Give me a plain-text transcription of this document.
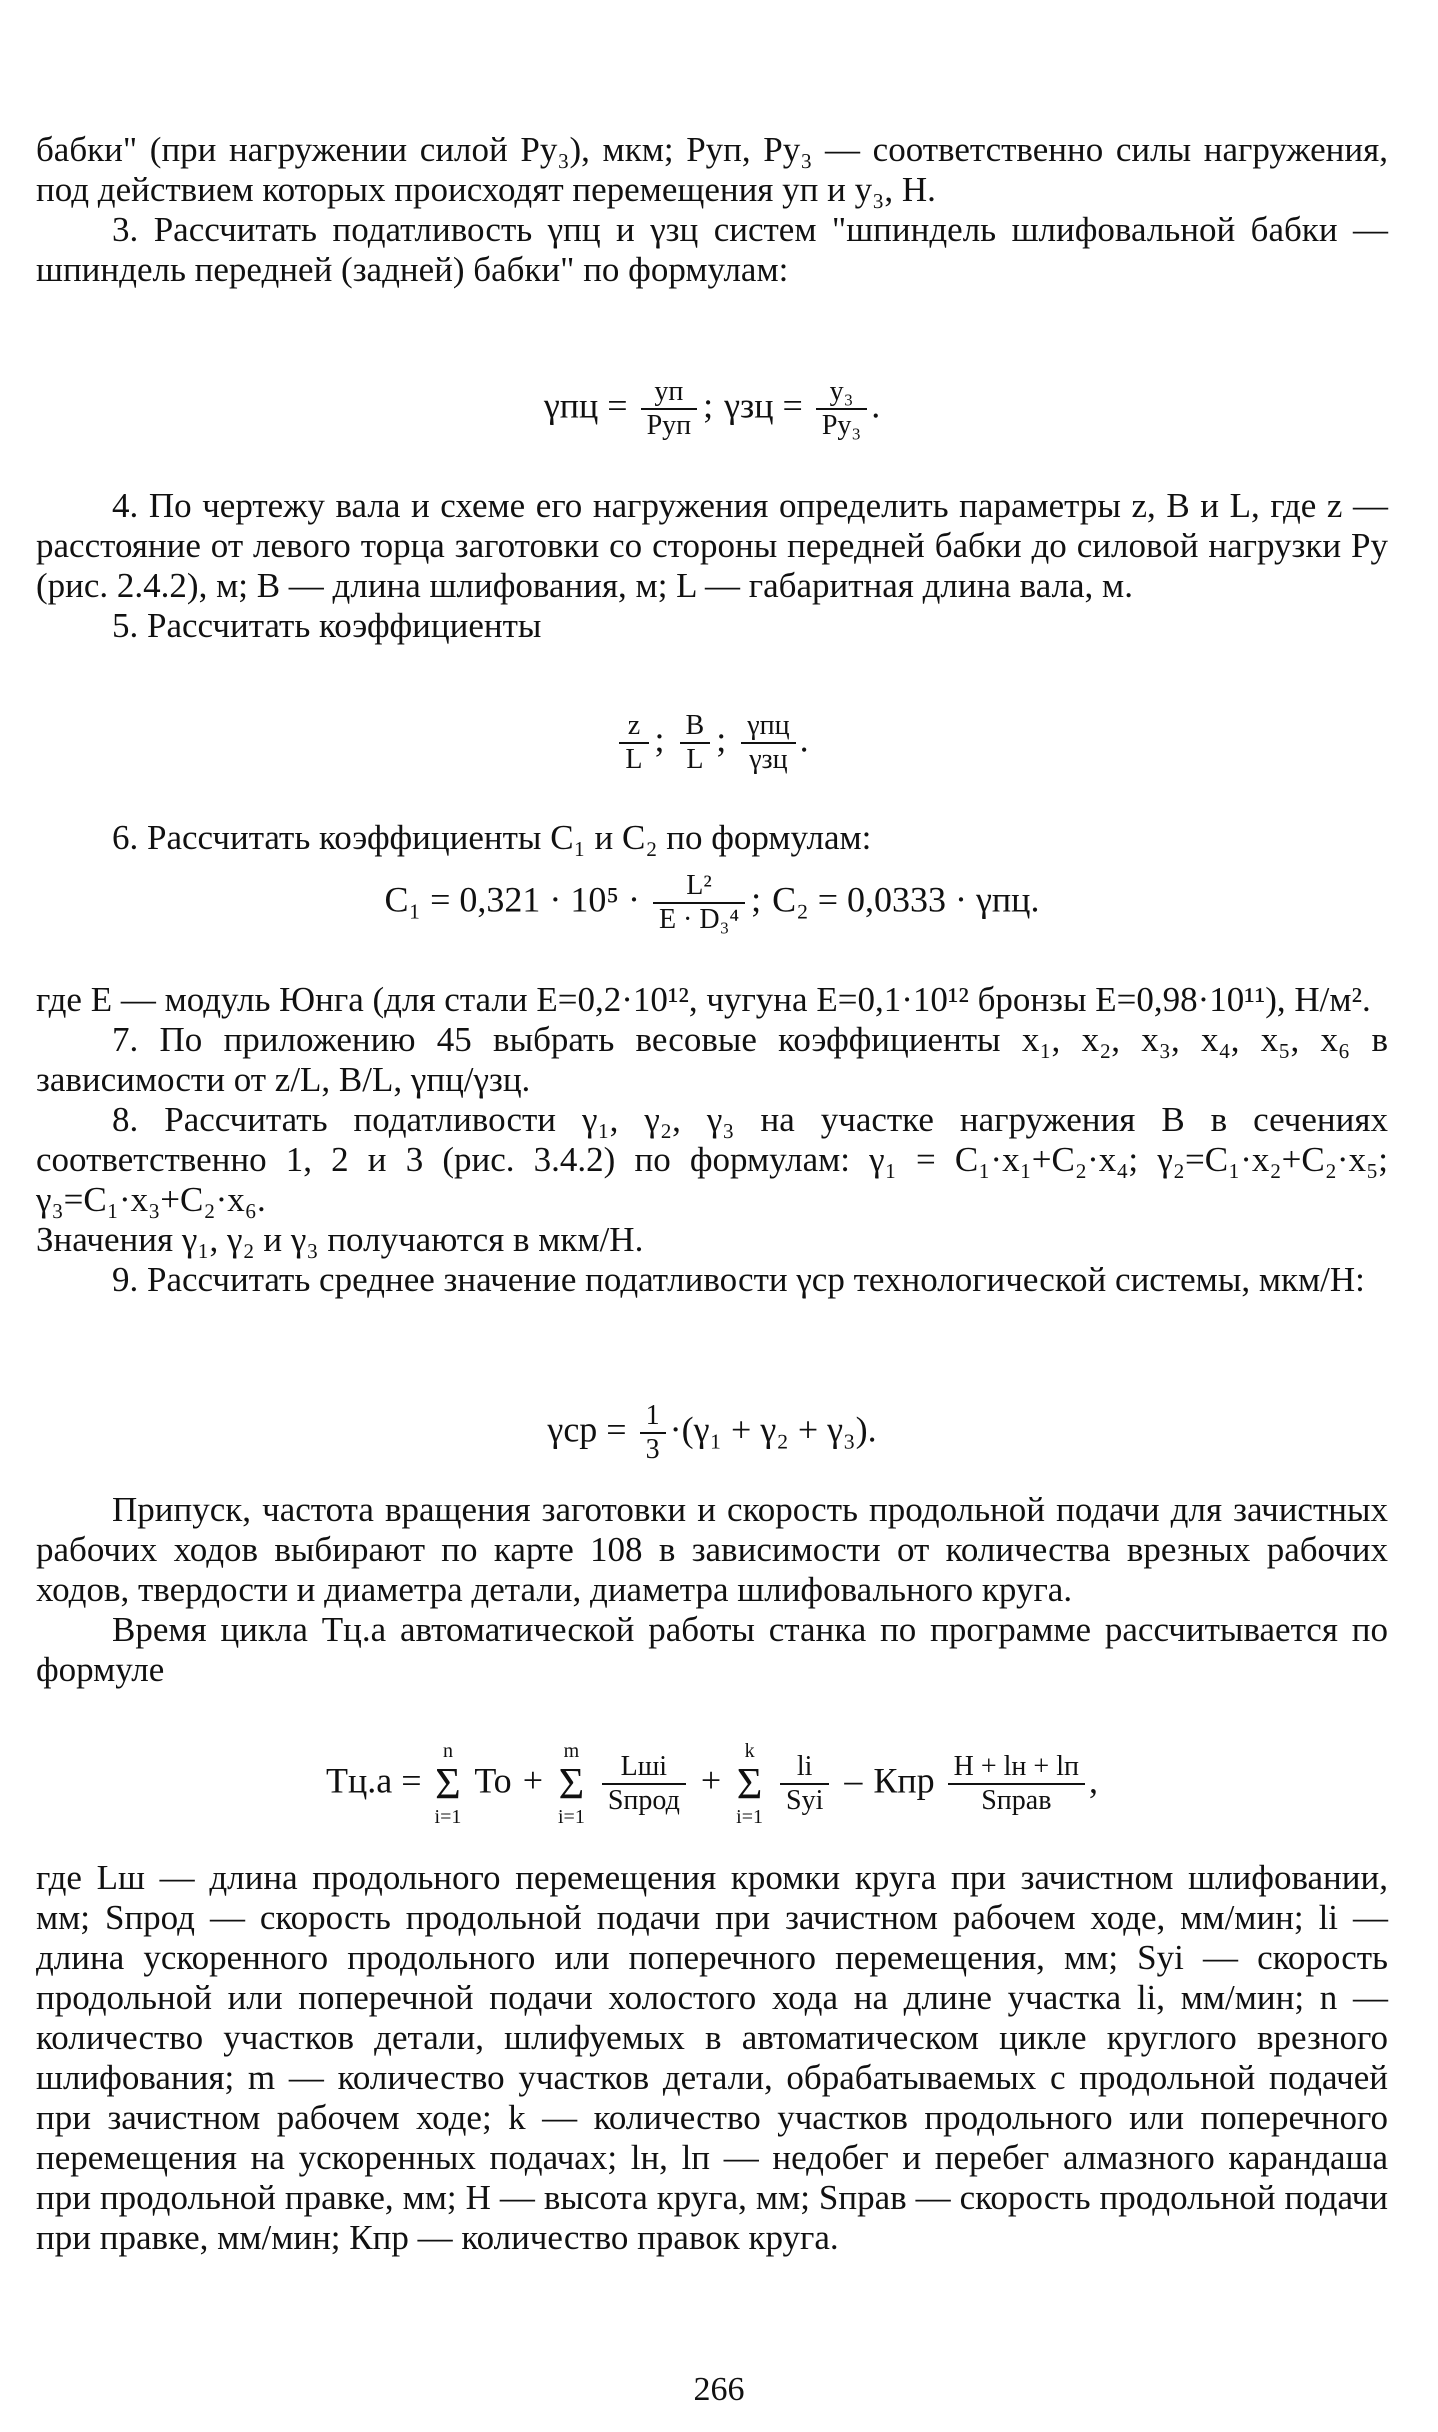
бабки" (при нагружении силой Рy₃), мкм; Рyп, Рy₃ — соответственно силы нагружения, под действием которых происходят перемещения yп и y₃, Н.

3. Рассчитать податливость γпц и γзц систем "шпиндель шлифовальной бабки — шпиндель передней (задней) бабки" по формулам:

$\gamma пц = \frac{yп}{\text{Рyп}}$ ; $\gamma зц = \frac{\text{y₃}}{\text{Рy₃}}$ .

4. По чертежу вала и схеме его нагружения определить параметры z, В и L, где z — расстояние от левого торца заготовки со стороны передней бабки до силовой нагрузки Рy (рис. 2.4.2), м; В — длина шлифования, м; L — габаритная длина вала, м.

5. Рассчитать коэффициенты

$\frac{z}{L}$ ; $\frac{В}{L}$ ; $\frac{\text{γпц}}{\text{γзц}}$ .

6. Рассчитать коэффициенты C₁ и C₂ по формулам:

$C_1 = 0,321 \cdot 10^5 \cdot \frac{\text{L²}}{\text{E · D₃⁴}}$ ; C₂ = 0,0333 · γпц.

где Е — модуль Юнга (для стали Е=0,2·10¹², чугуна Е=0,1·10¹² бронзы Е=0,98·10¹¹), Н/м².

7. По приложению 45 выбрать весовые коэффициенты x₁, x₂, x₃, x₄, x₅, x₆ в зависимости от z/L, В/L, γпц/γзц.

8. Рассчитать податливости γ₁, γ₂, γ₃ на участке нагружения В в сечениях соответственно 1, 2 и 3 (рис. 3.4.2) по формулам: γ₁ = C₁·x₁+C₂·x₄; γ₂=C₁·x₂+C₂·x₅; γ₃=C₁·x₃+C₂·x₆.

Значения γ₁, γ₂ и γ₃ получаются в мкм/Н.

9. Рассчитать среднее значение податливости γср технологической системы, мкм/Н:

$\gamma ср = \frac{1}{3} \cdot(\gamma_1 + \gamma_2 + \gamma_3)$.

Припуск, частота вращения заготовки и скорость продольной подачи для зачистных рабочих ходов выбирают по карте 108 в зависимости от количества врезных рабочих ходов, твердости и диаметра детали, диаметра шлифовального круга.

Время цикла Тц.а автоматической работы станка по программе рассчитывается по формуле

Тц.а =
n
Σ
i=1
То +
m
Σ
i=1
$\frac{\text{Lшi}}{\text{Sпрод}}$ +
k
Σ
i=1
$\frac{li}{\text{Syi}}$ – Кпр $\frac{H + lн + lп}{\text{Sправ}}$ ,

где Lш — длина продольного перемещения кромки круга при зачистном шлифовании, мм; Sпрод — скорость продольной подачи при зачистном рабочем ходе, мм/мин; li — длина ускоренного продольного или поперечного перемещения, мм; Syi — скорость продольной или поперечной подачи холостого хода на длине участка li, мм/мин; n — количество участков детали, шлифуемых в автоматическом цикле круглого врезного шлифования; m — количество участков детали, обрабатываемых с продольной подачей при зачистном рабочем ходе; k — количество участков продольного или поперечного перемещения на ускоренных подачах; lн, lп — недобег и перебег алмазного карандаша при продольной правке, мм; Н — высота круга, мм; Sправ — скорость продольной подачи при правке, мм/мин; Кпр — количество правок круга.

266
